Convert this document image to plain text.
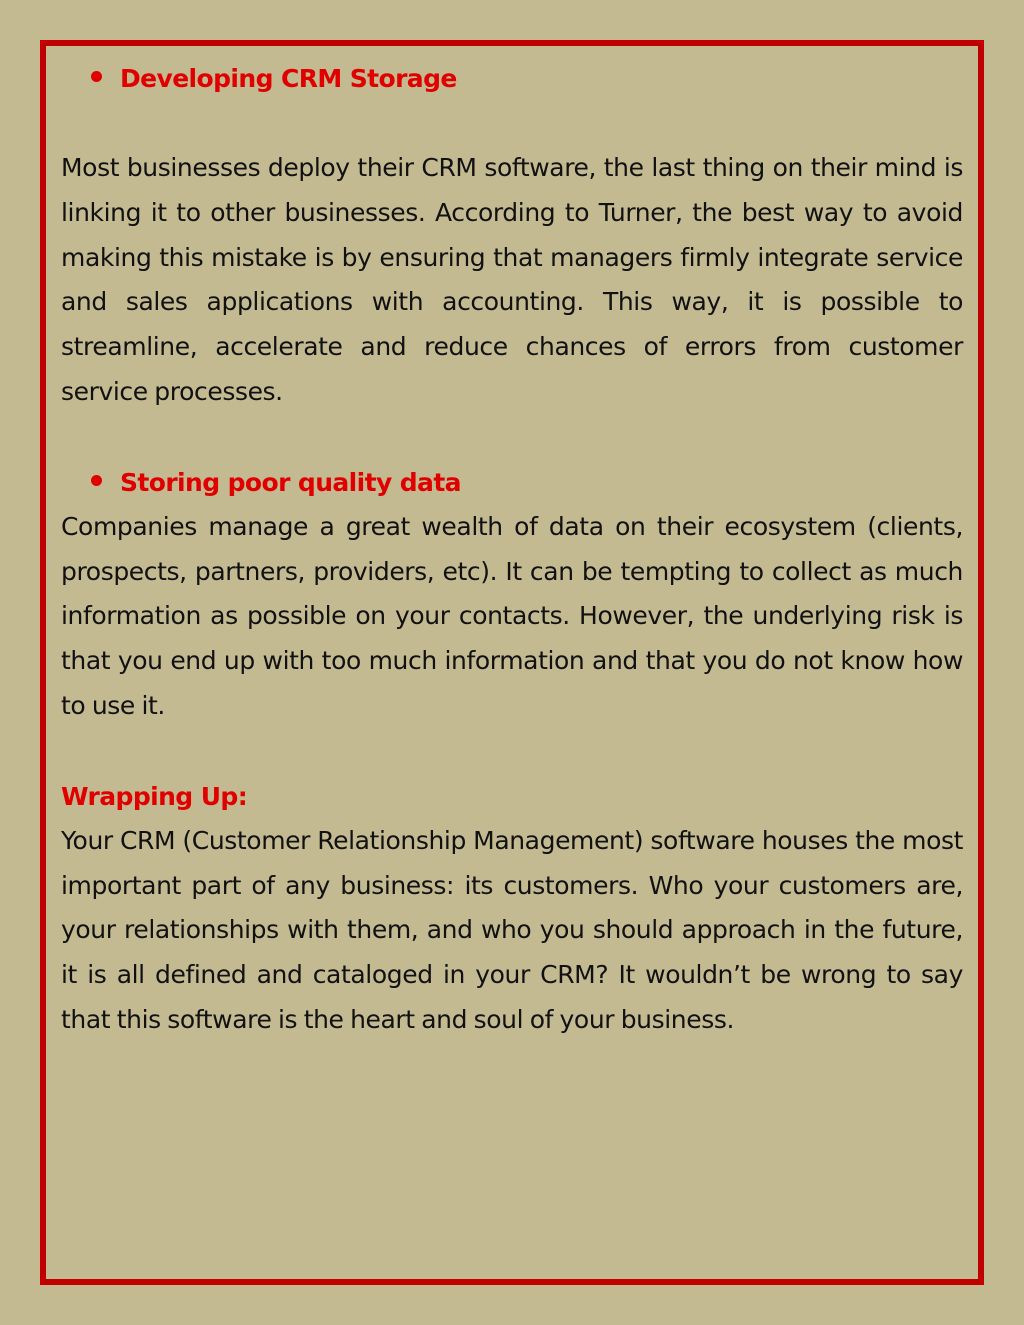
Developing CRM Storage

Most businesses deploy their CRM software, the last thing on their mind is linking it to other businesses. According to Turner, the best way to avoid making this mistake is by ensuring that managers firmly integrate service and sales applications with accounting. This way, it is possible to streamline, accelerate and reduce chances of errors from customer service processes.

Storing poor quality data

Companies manage a great wealth of data on their ecosystem (clients, prospects, partners, providers, etc). It can be tempting to collect as much information as possible on your contacts. However, the underlying risk is that you end up with too much information and that you do not know how to use it.

Wrapping Up:

Your CRM (Customer Relationship Management) software houses the most important part of any business: its customers. Who your customers are, your relationships with them, and who you should approach in the future, it is all defined and cataloged in your CRM? It wouldn’t be wrong to say that this software is the heart and soul of your business.
